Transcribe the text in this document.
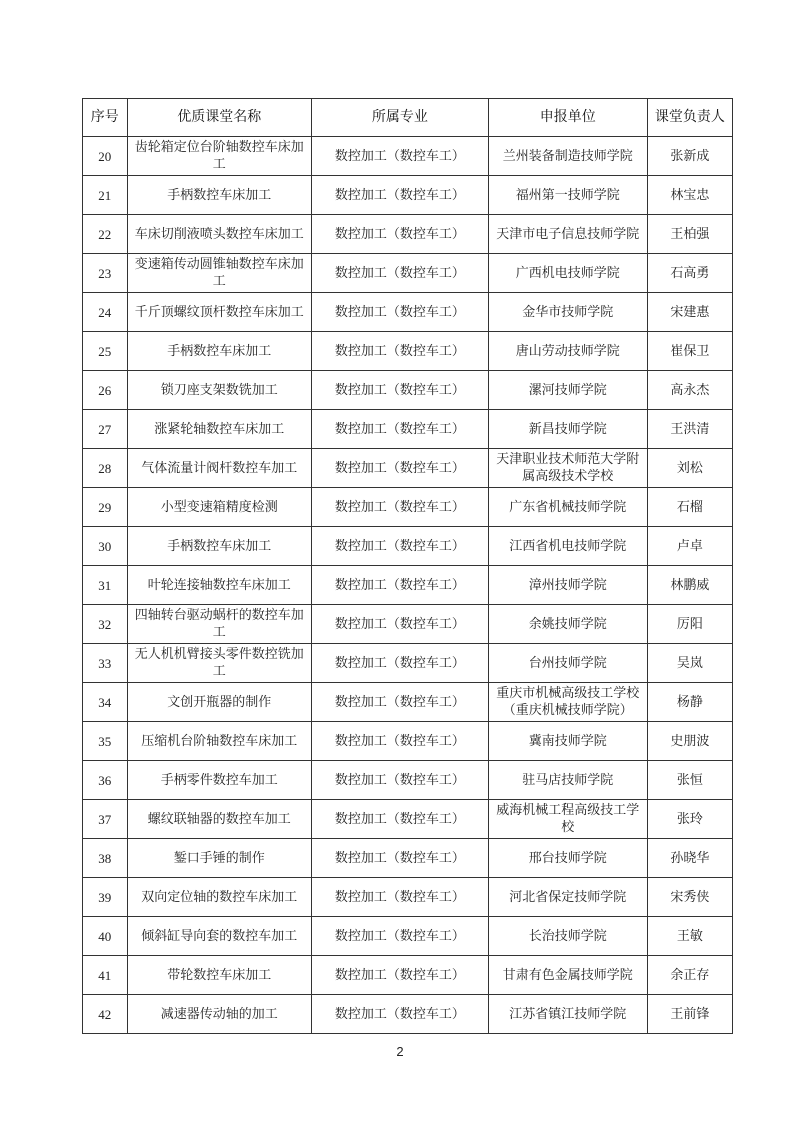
序号	优质课堂名称	所属专业	申报单位	课堂负责人
20	齿轮箱定位台阶轴数控车床加工	数控加工（数控车工）	兰州装备制造技师学院	张新成
21	手柄数控车床加工	数控加工（数控车工）	福州第一技师学院	林宝忠
22	车床切削液喷头数控车床加工	数控加工（数控车工）	天津市电子信息技师学院	王柏强
23	变速箱传动圆锥轴数控车床加工	数控加工（数控车工）	广西机电技师学院	石高勇
24	千斤顶螺纹顶杆数控车床加工	数控加工（数控车工）	金华市技师学院	宋建惠
25	手柄数控车床加工	数控加工（数控车工）	唐山劳动技师学院	崔保卫
26	锁刀座支架数铣加工	数控加工（数控车工）	漯河技师学院	高永杰
27	涨紧轮轴数控车床加工	数控加工（数控车工）	新昌技师学院	王洪清
28	气体流量计阀杆数控车加工	数控加工（数控车工）	天津职业技术师范大学附属高级技术学校	刘松
29	小型变速箱精度检测	数控加工（数控车工）	广东省机械技师学院	石榴
30	手柄数控车床加工	数控加工（数控车工）	江西省机电技师学院	卢卓
31	叶轮连接轴数控车床加工	数控加工（数控车工）	漳州技师学院	林鹏威
32	四轴转台驱动蜗杆的数控车加工	数控加工（数控车工）	余姚技师学院	厉阳
33	无人机机臂接头零件数控铣加工	数控加工（数控车工）	台州技师学院	吴岚
34	文创开瓶器的制作	数控加工（数控车工）	重庆市机械高级技工学校（重庆机械技师学院）	杨静
35	压缩机台阶轴数控车床加工	数控加工（数控车工）	冀南技师学院	史朋波
36	手柄零件数控车加工	数控加工（数控车工）	驻马店技师学院	张恒
37	螺纹联轴器的数控车加工	数控加工（数控车工）	威海机械工程高级技工学校	张玲
38	錾口手锤的制作	数控加工（数控车工）	邢台技师学院	孙晓华
39	双向定位轴的数控车床加工	数控加工（数控车工）	河北省保定技师学院	宋秀侠
40	倾斜缸导向套的数控车加工	数控加工（数控车工）	长治技师学院	王敏
41	带轮数控车床加工	数控加工（数控车工）	甘肃有色金属技师学院	余正存
42	减速器传动轴的加工	数控加工（数控车工）	江苏省镇江技师学院	王前锋
2
